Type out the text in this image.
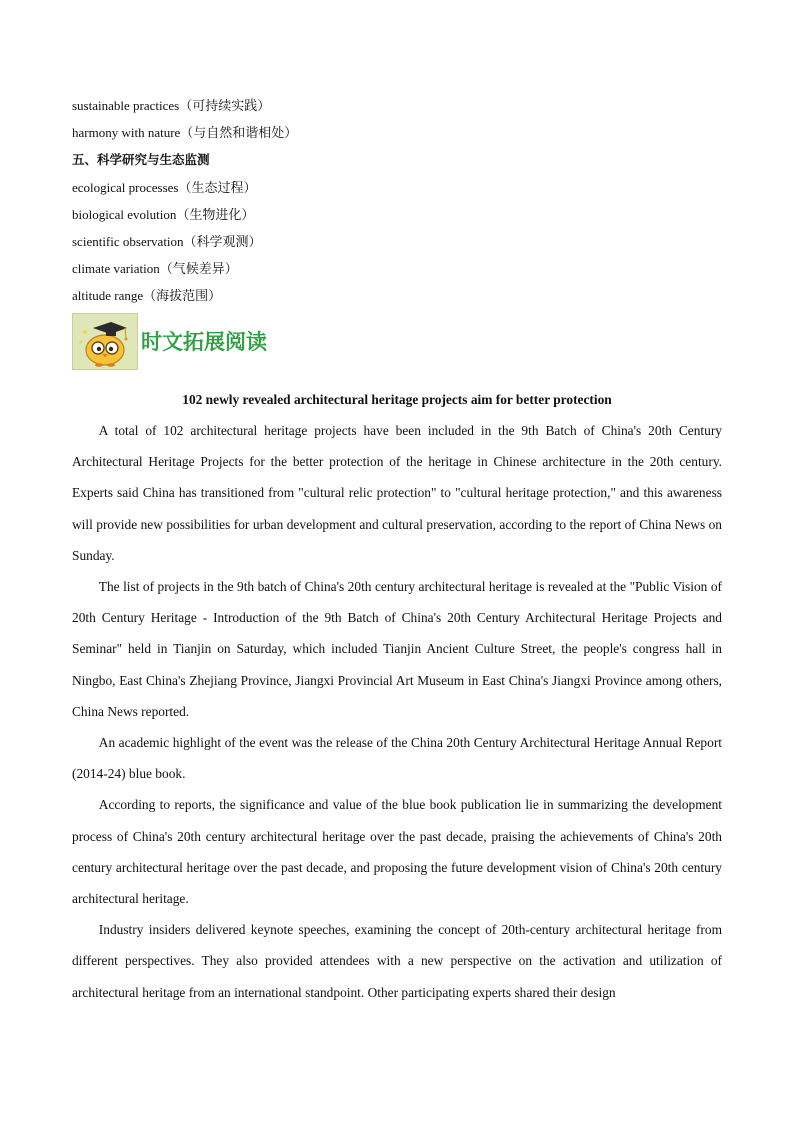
sustainable practices（可持续实践）
harmony with nature（与自然和谐相处）
五、科学研究与生态监测
ecological processes（生态过程）
biological evolution（生物进化）
scientific observation（科学观测）
climate variation（气候差异）
altitude range（海拔范围）
时文拓展阅读
102 newly revealed architectural heritage projects aim for better protection

A total of 102 architectural heritage projects have been included in the 9th Batch of China's 20th Century Architectural Heritage Projects for the better protection of the heritage in Chinese architecture in the 20th century. Experts said China has transitioned from "cultural relic protection" to "cultural heritage protection," and this awareness will provide new possibilities for urban development and cultural preservation, according to the report of China News on Sunday.

The list of projects in the 9th batch of China's 20th century architectural heritage is revealed at the "Public Vision of 20th Century Heritage - Introduction of the 9th Batch of China's 20th Century Architectural Heritage Projects and Seminar" held in Tianjin on Saturday, which included Tianjin Ancient Culture Street, the people's congress hall in Ningbo, East China's Zhejiang Province, Jiangxi Provincial Art Museum in East China's Jiangxi Province among others, China News reported.

An academic highlight of the event was the release of the China 20th Century Architectural Heritage Annual Report (2014-24) blue book.

According to reports, the significance and value of the blue book publication lie in summarizing the development process of China's 20th century architectural heritage over the past decade, praising the achievements of China's 20th century architectural heritage over the past decade, and proposing the future development vision of China's 20th century architectural heritage.

Industry insiders delivered keynote speeches, examining the concept of 20th-century architectural heritage from different perspectives. They also provided attendees with a new perspective on the activation and utilization of architectural heritage from an international standpoint. Other participating experts shared their design
